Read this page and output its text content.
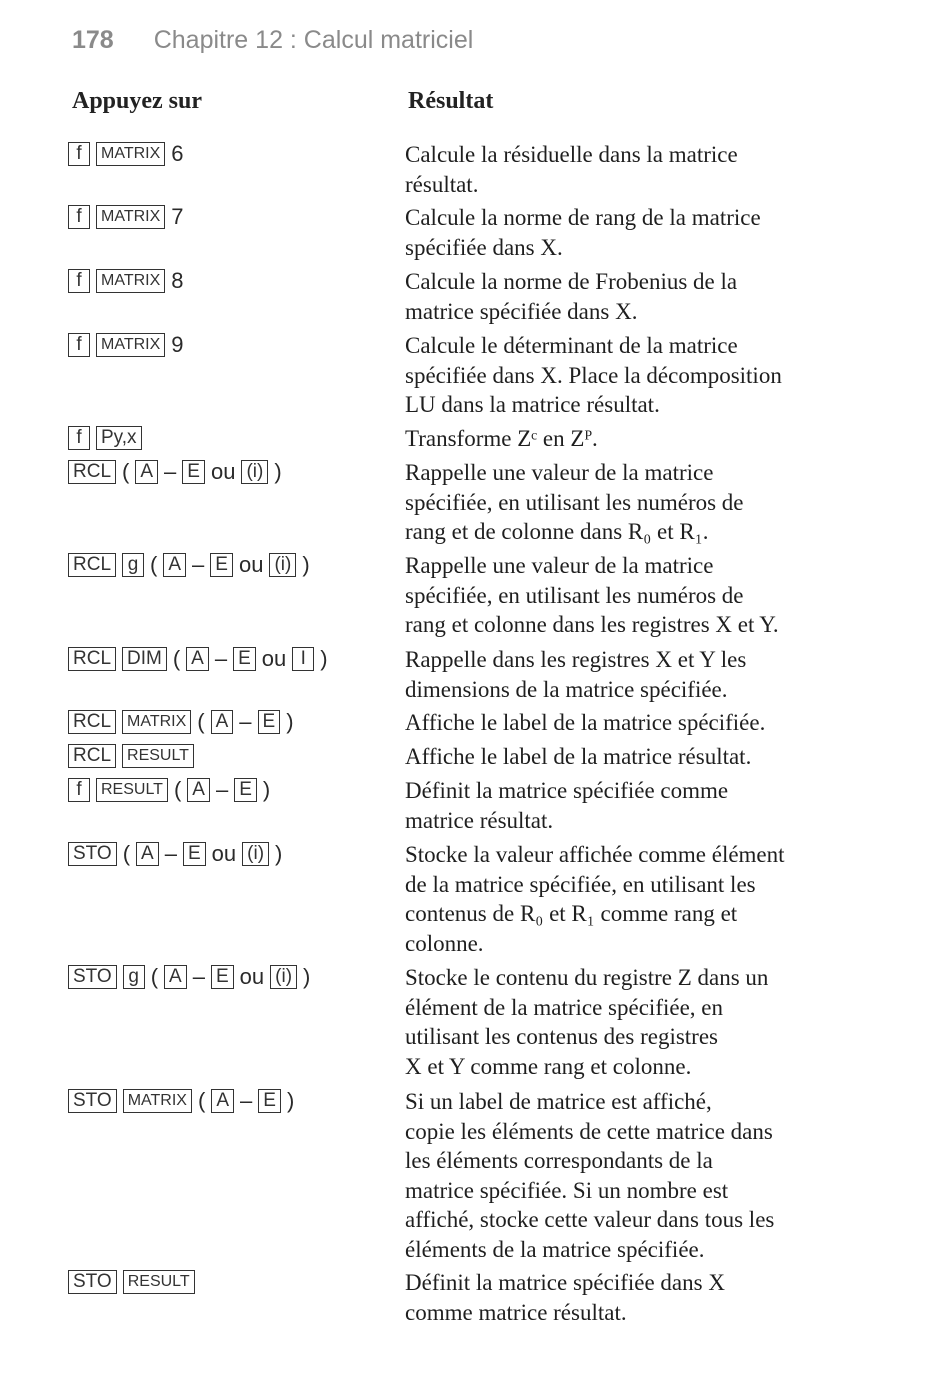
178 Chapitre 12 : Calcul matriciel
Appuyez sur	Résultat
f MATRIX 6	Calcule la résiduelle dans la matrice
résultat.
f MATRIX 7	Calcule la norme de rang de la matrice
spécifiée dans X.
f MATRIX 8	Calcule la norme de Frobenius de la
matrice spécifiée dans X.
f MATRIX 9	Calcule le déterminant de la matrice
spécifiée dans X. Place la décomposition
LU dans la matrice résultat.
f Py,x	Transforme Zᶜ en Zᴾ.
RCL ( A – E ou (i) )	Rappelle une valeur de la matrice
spécifiée, en utilisant les numéros de
rang et de colonne dans R₀ et R₁.
RCL g ( A – E ou (i) )	Rappelle une valeur de la matrice
spécifiée, en utilisant les numéros de
rang et colonne dans les registres X et Y.
RCL DIM ( A – E ou I )	Rappelle dans les registres X et Y les
dimensions de la matrice spécifiée.
RCL MATRIX ( A – E )	Affiche le label de la matrice spécifiée.
RCL RESULT	Affiche le label de la matrice résultat.
f RESULT ( A – E )	Définit la matrice spécifiée comme
matrice résultat.
STO ( A – E ou (i) )	Stocke la valeur affichée comme élément
de la matrice spécifiée, en utilisant les
contenus de R₀ et R₁ comme rang et
colonne.
STO g ( A – E ou (i) )	Stocke le contenu du registre Z dans un
élément de la matrice spécifiée, en
utilisant les contenus des registres
X et Y comme rang et colonne.
STO MATRIX ( A – E )	Si un label de matrice est affiché,
copie les éléments de cette matrice dans
les éléments correspondants de la
matrice spécifiée. Si un nombre est
affiché, stocke cette valeur dans tous les
éléments de la matrice spécifiée.
STO RESULT	Définit la matrice spécifiée dans X
comme matrice résultat.
